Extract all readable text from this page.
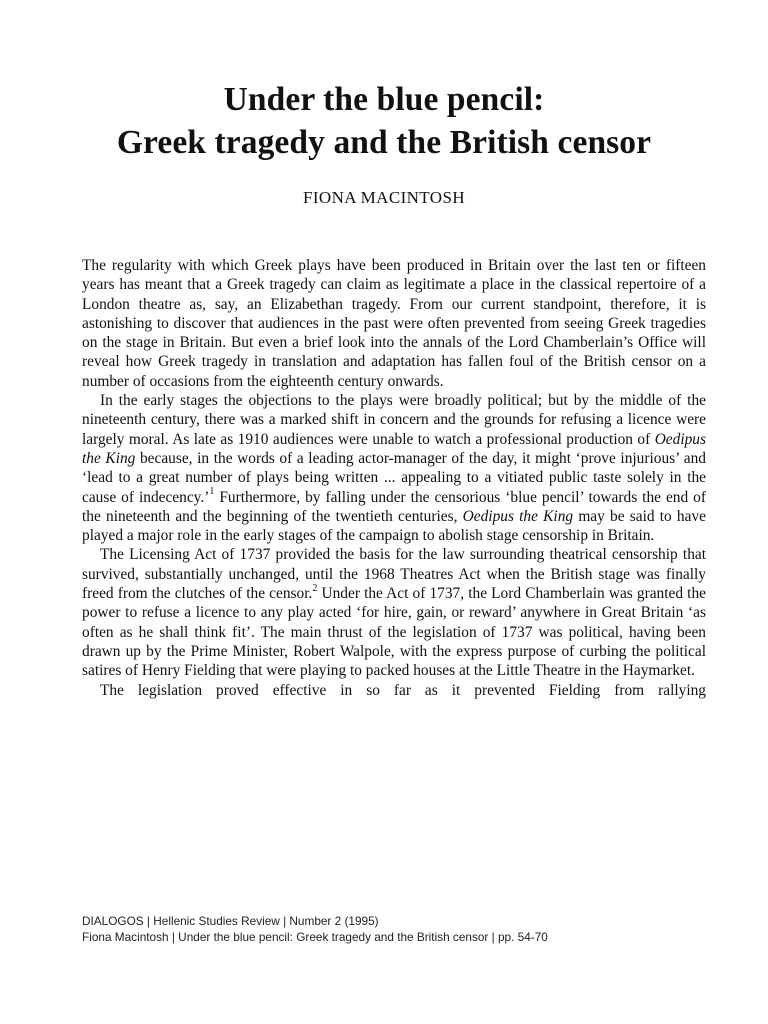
Under the blue pencil:
Greek tragedy and the British censor
FIONA MACINTOSH

The regularity with which Greek plays have been produced in Britain over the last ten or fifteen years has meant that a Greek tragedy can claim as legitimate a place in the classical repertoire of a London theatre as, say, an Elizabethan tragedy. From our current standpoint, therefore, it is astonishing to discover that audiences in the past were often prevented from seeing Greek tragedies on the stage in Britain. But even a brief look into the annals of the Lord Chamberlain’s Office will reveal how Greek tragedy in translation and adaptation has fallen foul of the British censor on a number of occasions from the eighteenth century onwards.

In the early stages the objections to the plays were broadly political; but by the middle of the nineteenth century, there was a marked shift in concern and the grounds for refusing a licence were largely moral. As late as 1910 audiences were unable to watch a professional production of Oedipus the King because, in the words of a leading actor-manager of the day, it might ‘prove injurious’ and ‘lead to a great number of plays being written ... appealing to a vitiated public taste solely in the cause of indecency.’$^1$ Furthermore, by falling under the censorious ‘blue pencil’ towards the end of the nineteenth and the beginning of the twentieth centuries, Oedipus the King may be said to have played a major role in the early stages of the campaign to abolish stage censorship in Britain.

The Licensing Act of 1737 provided the basis for the law surrounding theatrical censorship that survived, substantially unchanged, until the 1968 Theatres Act when the British stage was finally freed from the clutches of the censor.$^2$ Under the Act of 1737, the Lord Chamberlain was granted the power to refuse a licence to any play acted ‘for hire, gain, or reward’ anywhere in Great Britain ‘as often as he shall think fit’. The main thrust of the legislation of 1737 was political, having been drawn up by the Prime Minister, Robert Walpole, with the express purpose of curbing the political satires of Henry Fielding that were playing to packed houses at the Little Theatre in the Haymarket.

The legislation proved effective in so far as it prevented Fielding from rallying

DIALOGOS | Hellenic Studies Review | Number 2 (1995)
Fiona Macintosh | Under the blue pencil: Greek tragedy and the British censor | pp. 54-70
